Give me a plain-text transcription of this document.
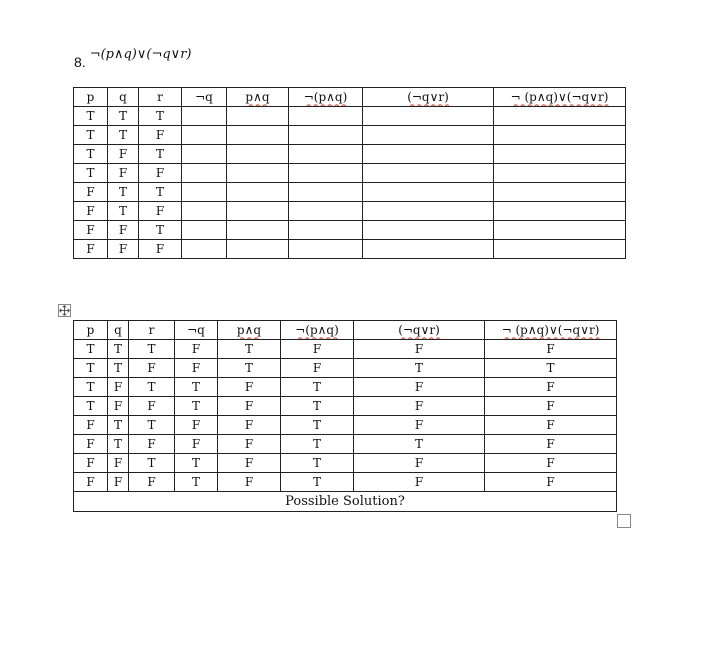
8. ¬(p∧q)∨(¬q∨r)
p	q	r	¬q	p∧q	¬(p∧q)	(¬q∨r)	¬ (p∧q)∨(¬q∨r)
T	T	T					
T	T	F					
T	F	T					
T	F	F					
F	T	T					
F	T	F					
F	F	T					
F	F	F					
p	q	r	¬q	p∧q	¬(p∧q)	(¬q∨r)	¬ (p∧q)∨(¬q∨r)
T	T	T	F	T	F	F	F
T	T	F	F	T	F	T	T
T	F	T	T	F	T	F	F
T	F	F	T	F	T	F	F
F	T	T	F	F	T	F	F
F	T	F	F	F	T	T	F
F	F	T	T	F	T	F	F
F	F	F	T	F	T	F	F
Possible Solution?							
